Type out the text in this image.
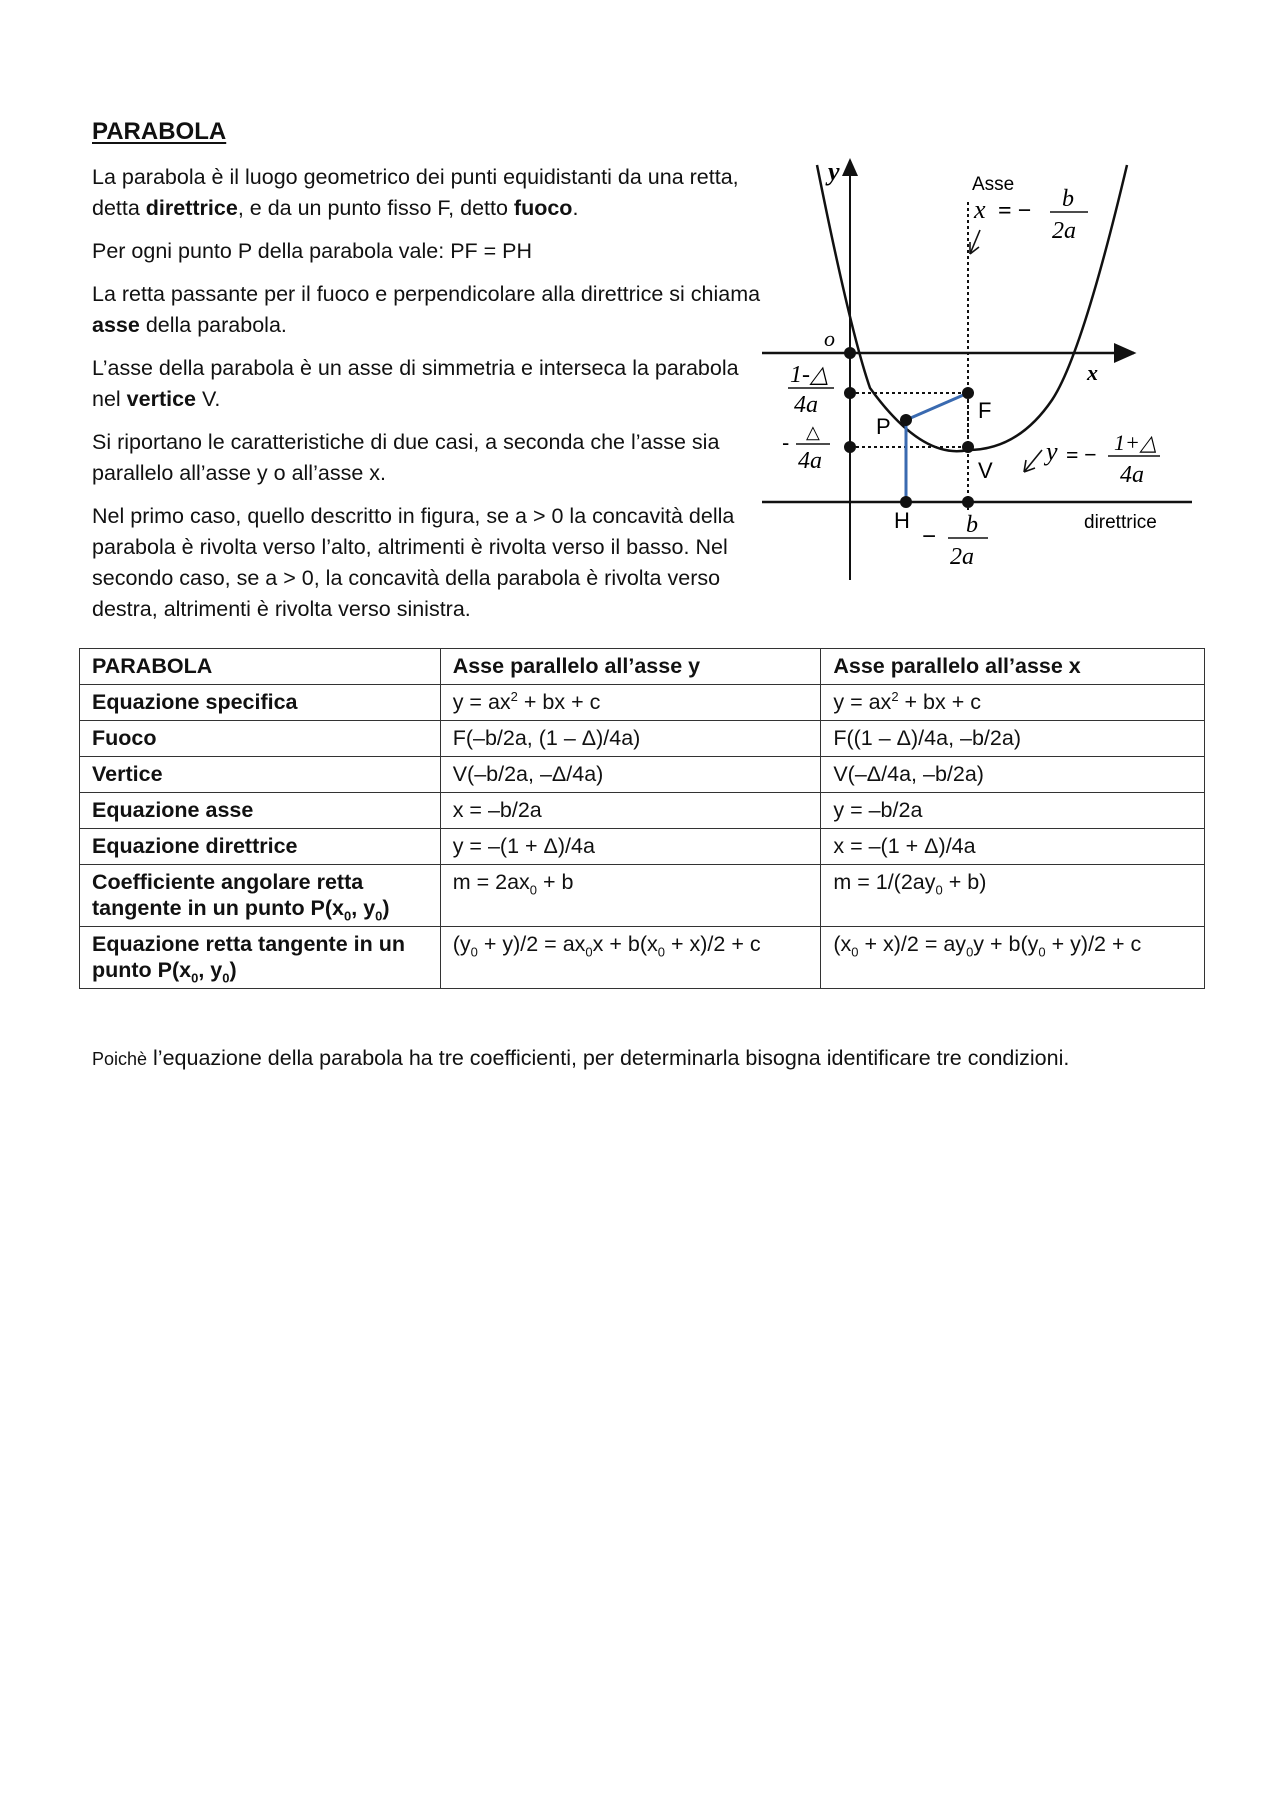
PARABOLA

La parabola è il luogo geometrico dei punti equidistanti da una retta, detta direttrice, e da un punto fisso F, detto fuoco.

Per ogni punto P della parabola vale: PF = PH

La retta passante per il fuoco e perpendicolare alla direttrice si chiama asse della parabola.

L’asse della parabola è un asse di simmetria e interseca la parabola nel vertice V.

Si riportano le caratteristiche di due casi, a seconda che l’asse sia parallelo all’asse y o all’asse x.

Nel primo caso, quello descritto in figura, se a > 0 la concavità della parabola è rivolta verso l’alto, altrimenti è rivolta verso il basso. Nel secondo caso, se a > 0, la concavità della parabola è rivolta verso destra, altrimenti è rivolta verso sinistra.

y
x
o
Asse
x = − b
2a
1-△
4a
- △
4a
P
F
V
H
y = − 1+△
4a
direttrice
− b
2a
PARABOLA	Asse parallelo all’asse y	Asse parallelo all’asse x
Equazione specifica	$y = ax^2$ + bx + c	$y = ax^2$ + bx + c
Fuoco	F(–b/2a, (1 – Δ)/4a)	F((1 – Δ)/4a, –b/2a)
Vertice	V(–b/2a, –Δ/4a)	V(–Δ/4a, –b/2a)
Equazione asse	x = –b/2a	y = –b/2a
Equazione direttrice	y = –(1 + Δ)/4a	x = –(1 + Δ)/4a
Coefficiente angolare retta tangente in un punto $P(x_0$, $y_0$)	$m = 2ax_0 + b$	$m = 1/(2ay_0 + b)$
Equazione retta tangente in un punto $P(x_0$, $y_0$)	$(y_0 + y)/2 = ax_0x + b(x_0 + x)/2 + c$	$(x_0 + x)/2 = ay_0y + b(y_0 + y)/2 + c$
Poichè l’equazione della parabola ha tre coefficienti, per determinarla bisogna identificare tre condizioni.
